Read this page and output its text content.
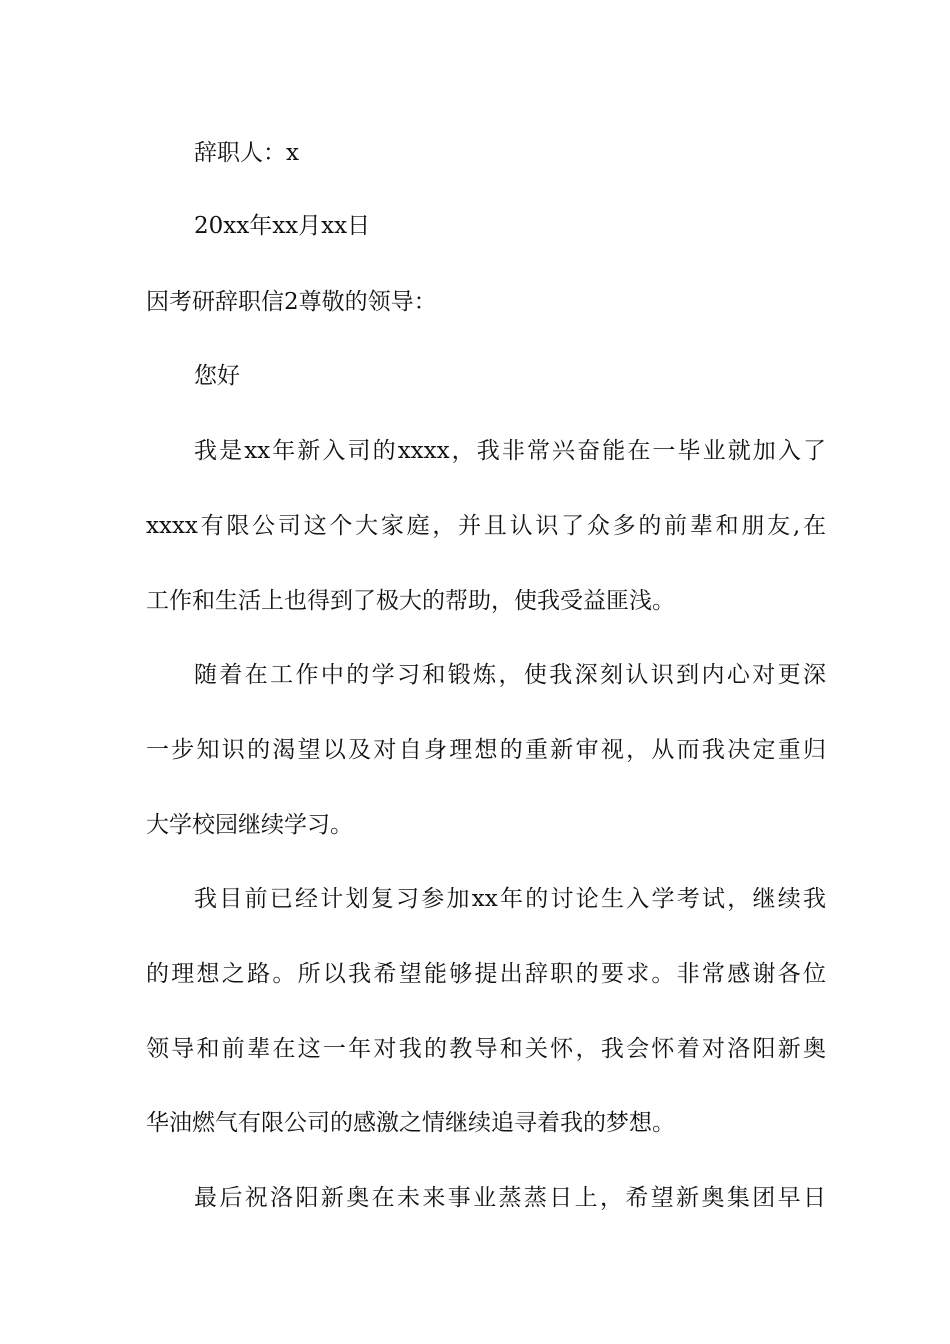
辞职人：x
20xx年xx月xx日
因考研辞职信2尊敬的领导：
您好
我是xx年新入司的xxxx，我非常兴奋能在一毕业就加入了
xxxx有限公司这个大家庭，并且认识了众多的前辈和朋友,在
工作和生活上也得到了极大的帮助，使我受益匪浅。
随着在工作中的学习和锻炼，使我深刻认识到内心对更深
一步知识的渴望以及对自身理想的重新审视，从而我决定重归
大学校园继续学习。
我目前已经计划复习参加xx年的讨论生入学考试，继续我
的理想之路。所以我希望能够提出辞职的要求。非常感谢各位
领导和前辈在这一年对我的教导和关怀，我会怀着对洛阳新奥
华油燃气有限公司的感激之情继续追寻着我的梦想。
最后祝洛阳新奥在未来事业蒸蒸日上，希望新奥集团早日
